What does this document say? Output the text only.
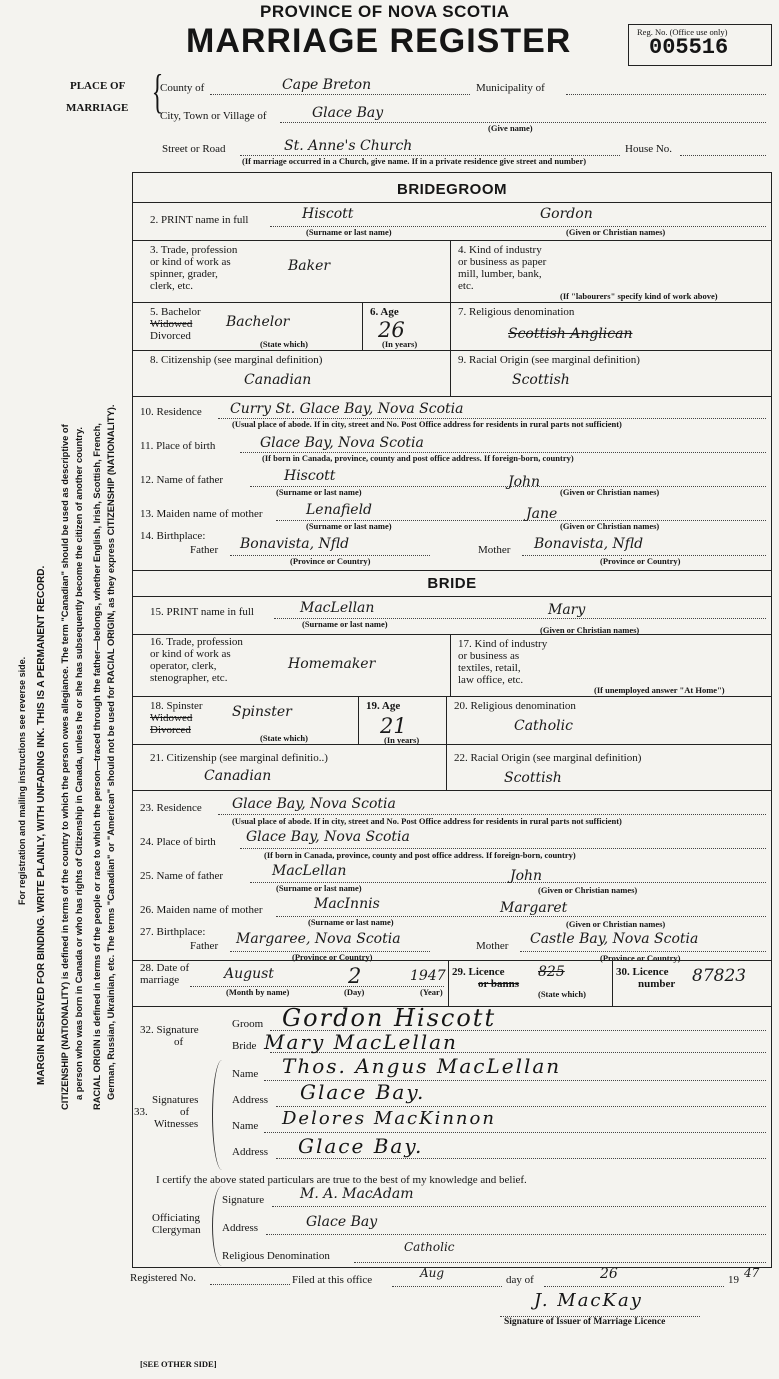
For registration and mailing instructions see reverse side. MARGIN RESERVED FOR BINDING. WRITE PLAINLY, WITH UNFADING INK. THIS IS A PERMANENT RECORD. CITIZENSHIP (NATIONALITY) is defined in terms of the country to which the person owes allegiance. The term "Canadian" should be used as descriptive of a person who was born in Canada or who has rights of Citizenship in Canada, unless he or she has subsequently become the citizen of another country. RACIAL ORIGIN is defined in terms of the people or race to which the person—traced through the father—belongs, whether English, Irish, Scottish, French, German, Russian, Ukrainian, etc. The terms "Canadian" or "American" should not be used for RACIAL ORIGIN, as they express CITIZENSHIP (NATIONALITY).
PROVINCE OF NOVA SCOTIA
MARRIAGE REGISTER	Reg. No. (Office use only)
005516
PLACE OF
MARRIAGE {
County of	Cape Breton	Municipality of
City, Town or Village of	Glace Bay
(Give name)
Street or Road	St. Anne's Church	House No.
(If marriage occurred in a Church, give name. If in a private residence give street and number)
BRIDEGROOM
2. PRINT name in full	Hiscott	Gordon
(Surname or last name)	(Given or Christian names)
3. Trade, profession
or kind of work as
spinner, grader,
clerk, etc.
Baker
4. Kind of industry
or business as paper
mill, lumber, bank,
etc.
(If "labourers" specify kind of work above)
5. Bachelor
Widowed
Divorced
Bachelor
(State which)
6. Age
26
(In years)
7. Religious denomination
Scottish Anglican
8. Citizenship (see marginal definition)
Canadian
9. Racial Origin (see marginal definition)
Scottish
10. Residence Curry St. Glace Bay, Nova Scotia
(Usual place of abode. If in city, street and No. Post Office address for residents in rural parts not sufficient)
11. Place of birth	Glace Bay, Nova Scotia
(If born in Canada, province, county and post office address. If foreign-born, country)
12. Name of father	Hiscott	John
(Surname or last name)	(Given or Christian names)
13. Maiden name of mother	Lenafield	Jane
(Surname or last name)	(Given or Christian names)
14. Birthplace:
Father Bonavista, Nfld
(Province or Country)
Mother Bonavista, Nfld
(Province or Country)
BRIDE
15. PRINT name in full	MacLellan	Mary
(Surname or last name)
(Given or Christian names)
16. Trade, profession
or kind of work as
operator, clerk,
stenographer, etc.
Homemaker
17. Kind of industry
or business as
textiles, retail,
law office, etc.
(If unemployed answer "At Home")
18. Spinster
Widowed
Divorced
Spinster
(State which)
19. Age
21
(In years)
20. Religious denomination
Catholic
21. Citizenship (see marginal definitio..)
Canadian
22. Racial Origin (see marginal definition)
Scottish
23. Residence Glace Bay, Nova Scotia
(Usual place of abode. If in city, street and No. Post Office address for residents in rural parts not sufficient)
24. Place of birth Glace Bay, Nova Scotia
(If born in Canada, province, county and post office address. If foreign-born, country)
25. Name of father	MacLellan	John
(Surname or last name)	(Given or Christian names)
26. Maiden name of mother	MacInnis	Margaret
(Surname or last name)	(Given or Christian names)
27. Birthplace:
Father Margaree, Nova Scotia
(Province or Country)
Mother Castle Bay, Nova Scotia
(Province or Country)
28. Date of
marriage	August	2	1947
(Month by name)	(Day)	(Year)
29. Licence
or banns
825
(State which)
30. Licence
number 87823
32. Signature
of
Groom Gordon Hiscott
Bride Mary MacLellan
Signatures
of
Witnesses
33.
Name Thos. Angus MacLellan
Address Glace Bay.
Name Delores MacKinnon
Address Glace Bay.
I certify the above stated particulars are true to the best of my knowledge and belief.
Officiating
Clergyman
Signature	M. A. MacAdam
Address	Glace Bay
Religious Denomination
Catholic
Registered No.	Filed at this office	Aug	day of	26	19 47
J. MacKay
Signature of Issuer of Marriage Licence
[SEE OTHER SIDE]
